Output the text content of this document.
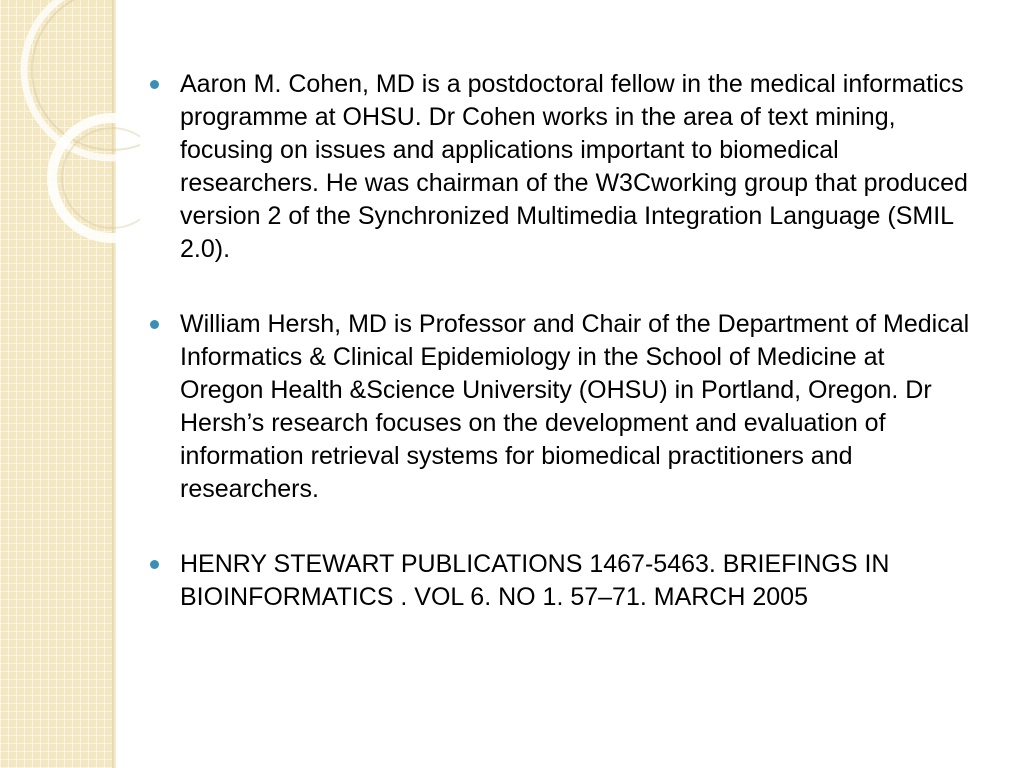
Aaron M. Cohen, MD is a postdoctoral fellow in the medical informatics programme at OHSU. Dr Cohen works in the area of text mining, focusing on issues and applications important to biomedical researchers. He was chairman of the W3Cworking group that produced version 2 of the Synchronized Multimedia Integration Language (SMIL 2.0).
William Hersh, MD is Professor and Chair of the Department of Medical Informatics & Clinical Epidemiology in the School of Medicine at Oregon Health &Science University (OHSU) in Portland, Oregon. Dr Hersh’s research focuses on the development and evaluation of information retrieval systems for biomedical practitioners and researchers.
HENRY STEWART PUBLICATIONS 1467-5463. BRIEFINGS IN BIOINFORMATICS . VOL 6. NO 1. 57–71. MARCH 2005
